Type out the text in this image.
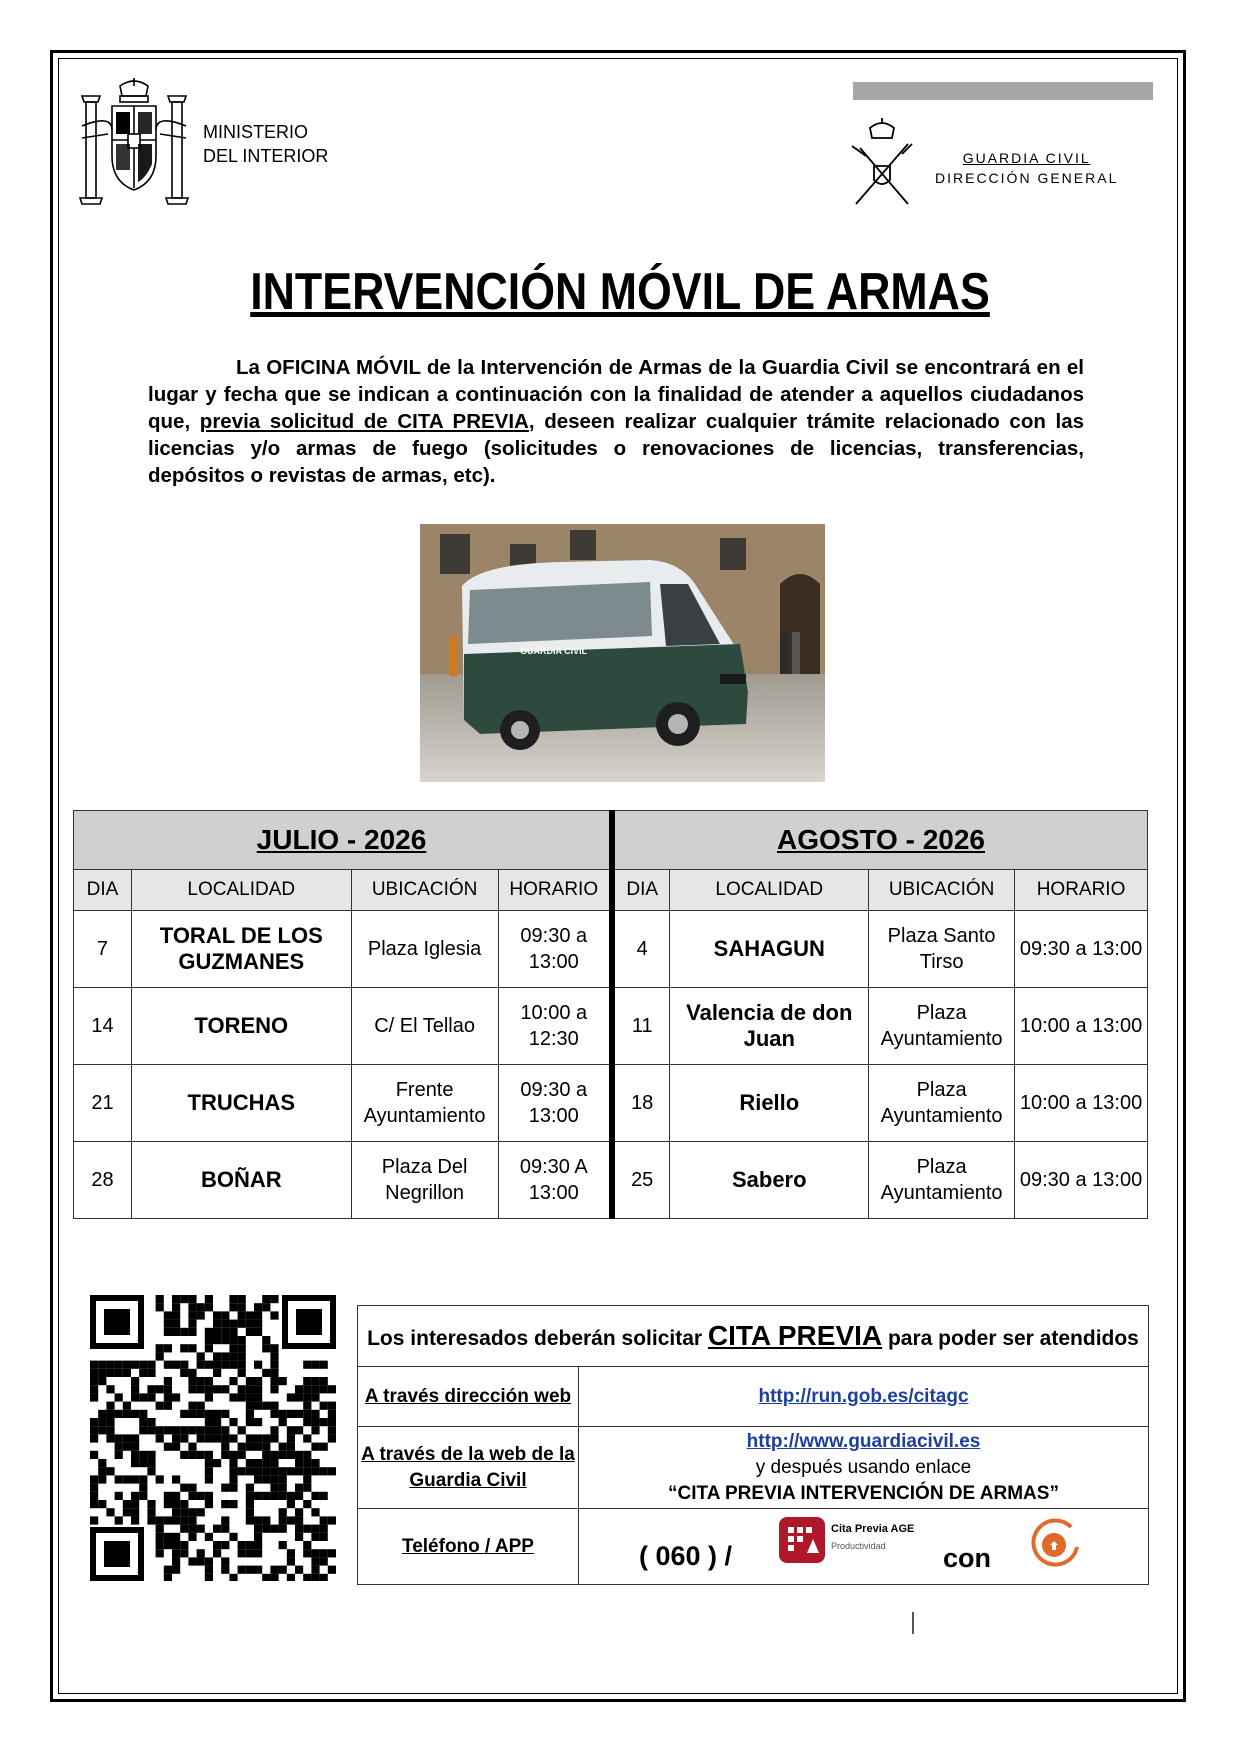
MINISTERIO
DEL INTERIOR	GUARDIA CIVIL
DIRECCIÓN GENERAL
INTERVENCIÓN MÓVIL DE ARMAS
La OFICINA MÓVIL de la Intervención de Armas de la Guardia Civil se encontrará en el lugar y fecha que se indican a continuación con la finalidad de atender a aquellos ciudadanos que, previa solicitud de CITA PREVIA, deseen realizar cualquier trámite relacionado con las licencias y/o armas de fuego (solicitudes o renovaciones de licencias, transferencias, depósitos o revistas de armas, etc).
GUARDIA CIVIL
JULIO - 2026				AGOSTO - 2026			
DIA	LOCALIDAD	UBICACIÓN	HORARIO	DIA	LOCALIDAD	UBICACIÓN	HORARIO
7	TORAL DE LOS GUZMANES	Plaza Iglesia	09:30 a 13:00	4	SAHAGUN	Plaza Santo Tirso	09:30 a 13:00
14	TORENO	C/ El Tellao	10:00 a 12:30	11	Valencia de don Juan	Plaza Ayuntamiento	10:00 a 13:00
21	TRUCHAS	Frente Ayuntamiento	09:30 a 13:00	18	Riello	Plaza Ayuntamiento	10:00 a 13:00
28	BOÑAR	Plaza Del Negrillon	09:30 A 13:00	25	Sabero	Plaza Ayuntamiento	09:30 a 13:00
Los interesados deberán solicitar CITA PREVIA para poder ser atendidos	
A través dirección web	http://run.gob.es/citagc
A través de la web de la Guardia Civil	http://www.guardiacivil.es
y después usando enlace
“CITA PREVIA INTERVENCIÓN DE ARMAS”

Teléfono / APP	( 060 ) /
Cita Previa AGE
Productividad con
